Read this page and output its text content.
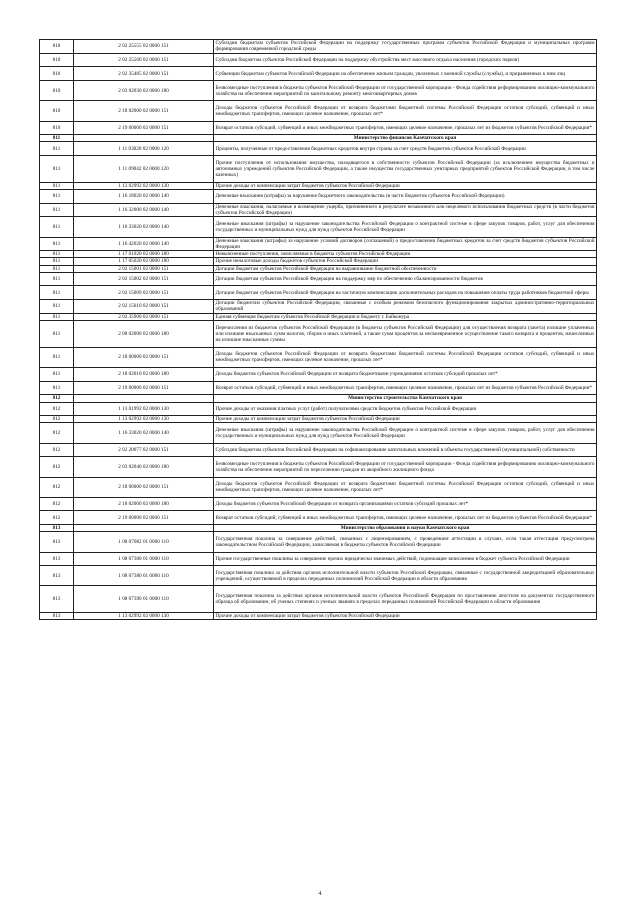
810	2 02 25555 02 0000 151	Субсидии бюджетам субъектов Российской Федерации на поддержку государственных программ субъектов Российской Федерации и муниципальных программ формирования современной городской среды
810	2 02 25560 02 0000 151	Субсидии бюджетам субъектов Российской Федерации на поддержку обустройства мест массового отдыха населения (городских парков)
810	2 02 35485 02 0000 151	Субвенции бюджетам субъектов Российской Федерации на обеспечение жильем граждан, уволенных с военной службы (службы), и приравненных к ним лиц
810	2 03 02030 02 0000 180	Безвозмездные поступления в бюджеты субъектов Российской Федерации от государственной корпорации - Фонда содействия реформированию жилищно-коммунального хозяйства на обеспечение мероприятий по капитальному ремонту многоквартирных домов
810	2 18 02000 02 0000 151	Доходы бюджетов субъектов Российской Федерации от возврата бюджетами бюджетной системы Российской Федерации остатков субсидий, субвенций и иных межбюджетных трансфертов, имеющих целевое назначение, прошлых лет*
810	2 19 00000 02 0000 151	Возврат остатков субсидий, субвенций и иных межбюджетных трансфертов, имеющих целевое назначение, прошлых лет из бюджетов субъектов Российской Федерации*
811		Министерство финансов Камчатского края
811	1 11 03020 02 0000 120	Проценты, полученные от предоставления бюджетных кредитов внутри страны за счет средств бюджетов субъектов Российской Федерации
811	1 11 09042 02 0000 120	Прочие поступления от использования имущества, находящегося в собственности субъектов Российской Федерации (за исключением имущества бюджетных и автономных учреждений субъектов Российской Федерации, а также имущества государственных унитарных предприятий субъектов Российской Федерации, в том числе казенных)
811	1 13 02992 02 0000 130	Прочие доходы от компенсации затрат бюджетов субъектов Российской Федерации
811	1 16 18020 02 0000 140	Денежные взыскания (штрафы) за нарушение бюджетного законодательства (в части бюджетов субъектов Российской Федерации)
811	1 16 32000 02 0000 140	Денежные взыскания, налагаемые в возмещение ущерба, причиненного в результате незаконного или нецелевого использования бюджетных средств (в части бюджетов субъектов Российской Федерации)
811	1 16 33020 02 0000 140	Денежные взыскания (штрафы) за нарушение законодательства Российской Федерации о контрактной системе в сфере закупок товаров, работ, услуг для обеспечения государственных и муниципальных нужд для нужд субъектов Российской Федерации
811	1 16 42020 02 0000 140	Денежные взыскания (штрафы) за нарушение условий договоров (соглашений) о предоставлении бюджетных кредитов за счет средств бюджетов субъектов Российской Федерации
811	1 17 01020 02 0000 180	Невыясненные поступления, зачисляемые в бюджеты субъектов Российской Федерации
811	1 17 05020 02 0000 180	Прочие неналоговые доходы бюджетов субъектов Российской Федерации
811	2 02 15001 02 0000 151	Дотации бюджетам субъектов Российской Федерации на выравнивание бюджетной обеспеченности
811	2 02 15002 02 0000 151	Дотации бюджетам субъектов Российской Федерации на поддержку мер по обеспечению сбалансированности бюджетов
811	2 02 15009 02 0000 151	Дотации бюджетам субъектов Российской Федерации на частичную компенсацию дополнительных расходов на повышение оплаты труда работников бюджетной сферы
811	2 02 15010 02 0000 151	Дотации бюджетам субъектов Российской Федерации, связанные с особым режимом безопасного функционирования закрытых административно-территориальных образований
811	2 02 35900 02 0000 151	Единая субвенция бюджетам субъектов Российской Федерации и бюджету г. Байконура
811	2 08 02000 02 0000 180	Перечисления из бюджетов субъектов Российской Федерации (в бюджеты субъектов Российской Федерации) для осуществления возврата (зачета) излишне уплаченных или излишне взысканных сумм налогов, сборов и иных платежей, а также сумм процентов за несвоевременное осуществление такого возврата и процентов, начисленных на излишне взысканные суммы
811	2 18 00000 02 0000 151	Доходы бюджетов субъектов Российской Федерации от возврата бюджетами бюджетной системы Российской Федерации остатков субсидий, субвенций и иных межбюджетных трансфертов, имеющих целевое назначение, прошлых лет*
811	2 18 02010 02 0000 180	Доходы бюджетов субъектов Российской Федерации от возврата бюджетными учреждениями остатков субсидий прошлых лет*
811	2 19 00000 02 0000 151	Возврат остатков субсидий, субвенций и иных межбюджетных трансфертов, имеющих целевое назначение, прошлых лет из бюджетов субъектов Российской Федерации*
812		Министерство строительства Камчатского края
812	1 13 01992 02 0000 130	Прочие доходы от оказания платных услуг (работ) получателями средств бюджетов субъектов Российской Федерации
812	1 13 02992 02 0000 130	Прочие доходы от компенсации затрат бюджетов субъектов Российской Федерации
812	1 16 33020 02 0000 140	Денежные взыскания (штрафы) за нарушение законодательства Российской Федерации о контрактной системе в сфере закупок товаров, работ, услуг для обеспечения государственных и муниципальных нужд для нужд субъектов Российской Федерации
812	2 02 20077 02 0000 151	Субсидии бюджетам субъектов Российской Федерации на софинансирование капитальных вложений в объекты государственной (муниципальной) собственности
812	2 03 02040 02 0000 180	Безвозмездные поступления в бюджеты субъектов Российской Федерации от государственной корпорации - Фонда содействия реформированию жилищно-коммунального хозяйства на обеспечение мероприятий по переселению граждан из аварийного жилищного фонда
812	2 18 00000 02 0000 151	Доходы бюджетов субъектов Российской Федерации от возврата бюджетами бюджетной системы Российской Федерации остатков субсидий, субвенций и иных межбюджетных трансфертов, имеющих целевое назначение, прошлых лет*
812	2 18 02000 02 0000 180	Доходы бюджетов субъектов Российской Федерации от возврата организациями остатков субсидий прошлых лет*
812	2 19 00000 02 0000 151	Возврат остатков субсидий, субвенций и иных межбюджетных трансфертов, имеющих целевое назначение, прошлых лет из бюджетов субъектов Российской Федерации*
813		Министерство образования и науки Камчатского края
813	1 08 07082 01 0000 110	Государственная пошлина за совершение действий, связанных с лицензированием, с проведением аттестации в случаях, если такая аттестация предусмотрена законодательством Российской Федерации, зачисляемая в бюджеты субъектов Российской Федерации
813	1 08 07300 01 0000 110	Прочие государственные пошлины за совершение прочих юридически значимых действий, подлежащие зачислению в бюджет субъекта Российской Федерации
813	1 08 07380 01 0000 110	Государственная пошлина за действия органов исполнительной власти субъектов Российской Федерации, связанные с государственной аккредитацией образовательных учреждений, осуществляемой в пределах переданных полномочий Российской Федерации в области образования
813	1 08 07390 01 0000 110	Государственная пошлина за действия органов исполнительной власти субъектов Российской Федерации по проставлению апостиля на документах государственного образца об образовании, об ученых степенях и ученых званиях в пределах переданных полномочий Российской Федерации в области образования
813	1 13 02992 02 0000 130	Прочие доходы от компенсации затрат бюджетов субъектов Российской Федерации
4
